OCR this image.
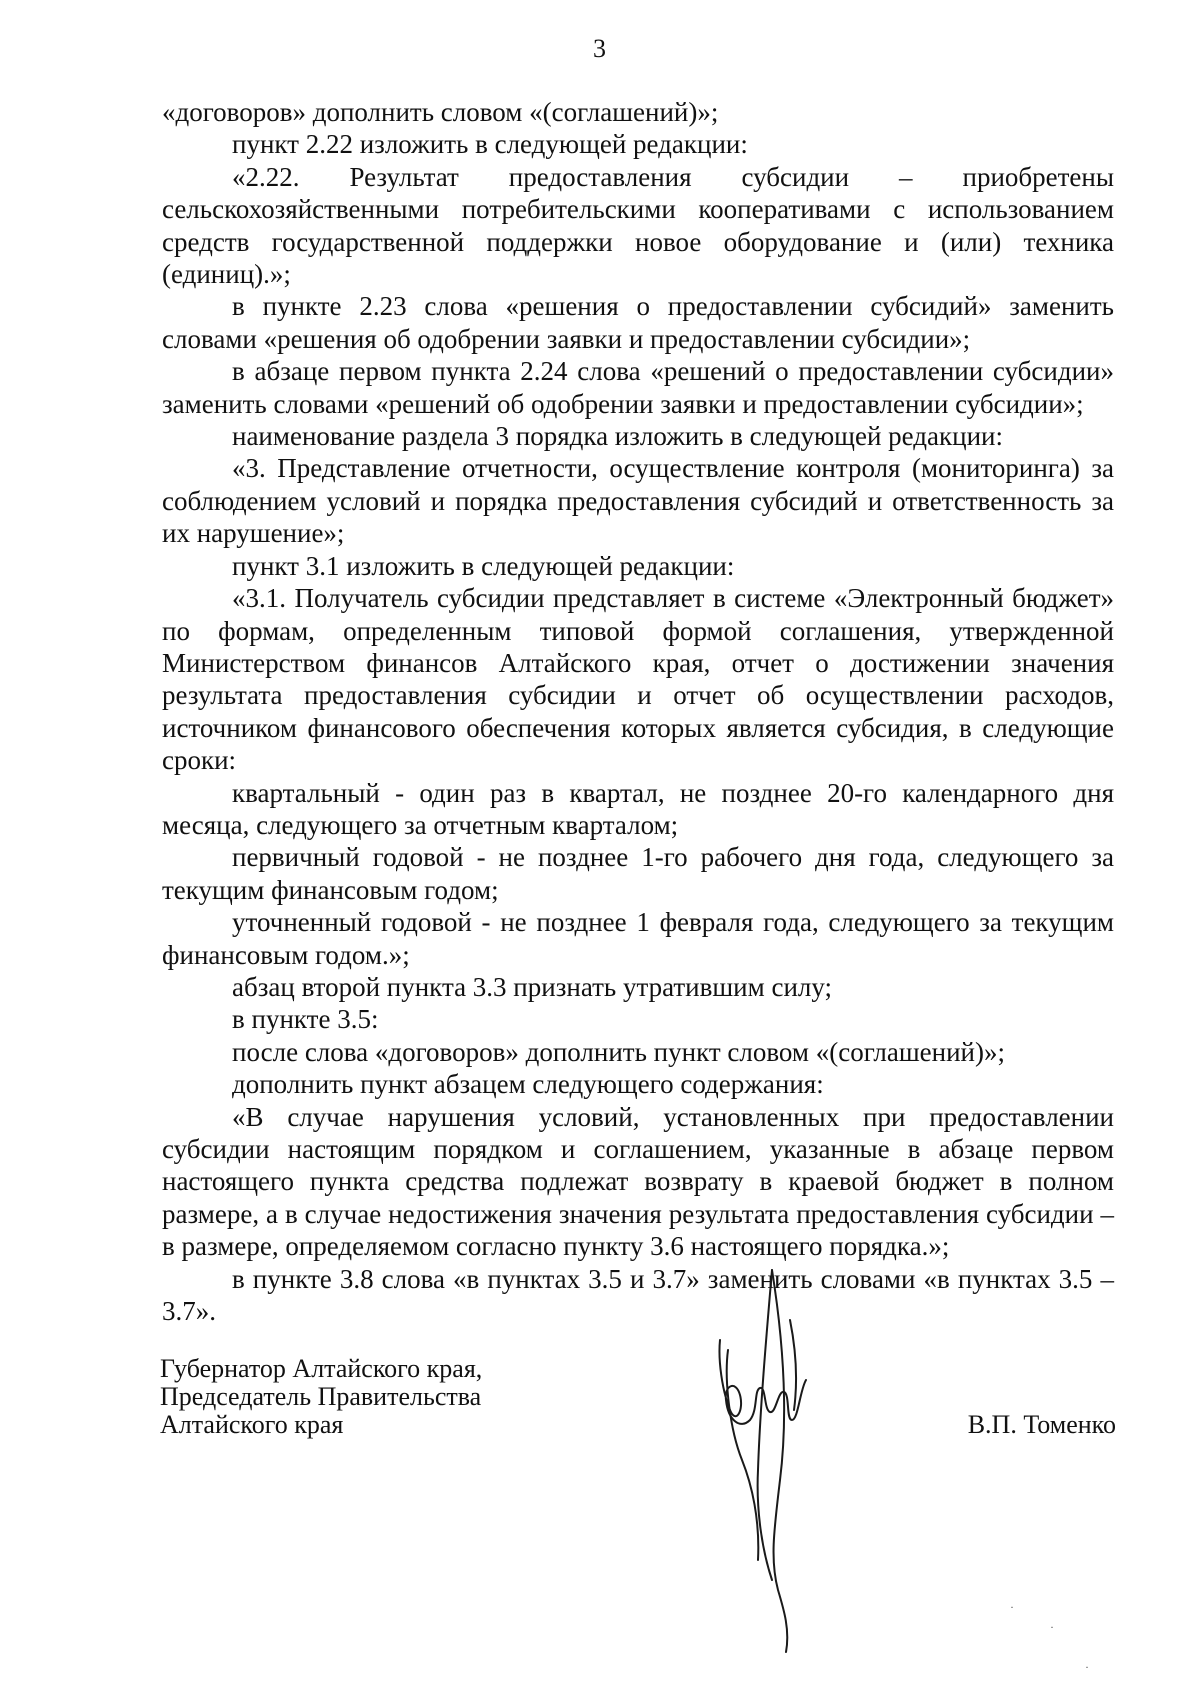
3

«договоров» дополнить словом «(соглашений)»;

пункт 2.22 изложить в следующей редакции:

«2.22. Результат предоставления субсидии – приобретены сельскохозяйственными потребительскими кооперативами с использованием средств государственной поддержки новое оборудование и (или) техника (единиц).»;

в пункте 2.23 слова «решения о предоставлении субсидий» заменить словами «решения об одобрении заявки и предоставлении субсидии»;

в абзаце первом пункта 2.24 слова «решений о предоставлении субсидии» заменить словами «решений об одобрении заявки и предоставлении субсидии»;

наименование раздела 3 порядка изложить в следующей редакции:

«3. Представление отчетности, осуществление контроля (мониторинга) за соблюдением условий и порядка предоставления субсидий и ответственность за их нарушение»;

пункт 3.1 изложить в следующей редакции:

«3.1. Получатель субсидии представляет в системе «Электронный бюджет» по формам, определенным типовой формой соглашения, утвержденной Министерством финансов Алтайского края, отчет о достижении значения результата предоставления субсидии и отчет об осуществлении расходов, источником финансового обеспечения которых является субсидия, в следующие сроки:

квартальный - один раз в квартал, не позднее 20-го календарного дня месяца, следующего за отчетным кварталом;

первичный годовой - не позднее 1-го рабочего дня года, следующего за текущим финансовым годом;

уточненный годовой - не позднее 1 февраля года, следующего за текущим финансовым годом.»;

абзац второй пункта 3.3 признать утратившим силу;

в пункте 3.5:

после слова «договоров» дополнить пункт словом «(соглашений)»;

дополнить пункт абзацем следующего содержания:

«В случае нарушения условий, установленных при предоставлении субсидии настоящим порядком и соглашением, указанные в абзаце первом настоящего пункта средства подлежат возврату в краевой бюджет в полном размере, а в случае недостижения значения результата предоставления субсидии – в размере, определяемом согласно пункту 3.6 настоящего порядка.»;

в пункте 3.8 слова «в пунктах 3.5 и 3.7» заменить словами «в пунктах 3.5 – 3.7».

Губернатор Алтайского края,
Председатель Правительства
Алтайского края	В.П. Томенко
·
·
·
